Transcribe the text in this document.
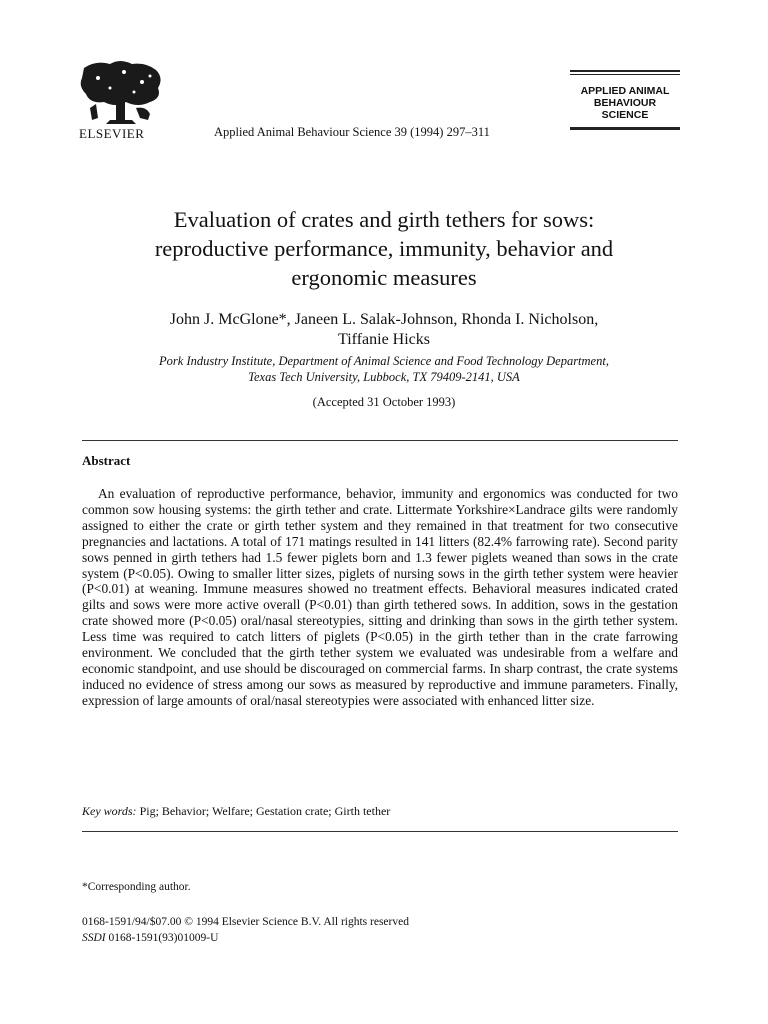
ELSEVIER	Applied Animal Behaviour Science 39 (1994) 297–311
APPLIED ANIMAL
BEHAVIOUR
SCIENCE
Evaluation of crates and girth tethers for sows:
reproductive performance, immunity, behavior and
ergonomic measures
John J. McGlone*, Janeen L. Salak-Johnson, Rhonda I. Nicholson,
Tiffanie Hicks
Pork Industry Institute, Department of Animal Science and Food Technology Department,
Texas Tech University, Lubbock, TX 79409-2141, USA
(Accepted 31 October 1993)
Abstract
An evaluation of reproductive performance, behavior, immunity and ergonomics was conducted for two common sow housing systems: the girth tether and crate. Littermate Yorkshire×Landrace gilts were randomly assigned to either the crate or girth tether system and they remained in that treatment for two consecutive pregnancies and lactations. A total of 171 matings resulted in 141 litters (82.4% farrowing rate). Second parity sows penned in girth tethers had 1.5 fewer piglets born and 1.3 fewer piglets weaned than sows in the crate system (P<0.05). Owing to smaller litter sizes, piglets of nursing sows in the girth tether system were heavier (P<0.01) at weaning. Immune measures showed no treatment effects. Behavioral measures indicated crated gilts and sows were more active overall (P<0.01) than girth tethered sows. In addition, sows in the gestation crate showed more (P<0.05) oral/nasal stereotypies, sitting and drinking than sows in the girth tether system. Less time was required to catch litters of piglets (P<0.05) in the girth tether than in the crate farrowing environment. We concluded that the girth tether system we evaluated was undesirable from a welfare and economic standpoint, and use should be discouraged on commercial farms. In sharp contrast, the crate systems induced no evidence of stress among our sows as measured by reproductive and immune parameters. Finally, expression of large amounts of oral/nasal stereotypies were associated with enhanced litter size.
Key words: Pig; Behavior; Welfare; Gestation crate; Girth tether
*Corresponding author.
0168-1591/94/$07.00 © 1994 Elsevier Science B.V. All rights reserved
SSDI 0168-1591(93)01009-U
